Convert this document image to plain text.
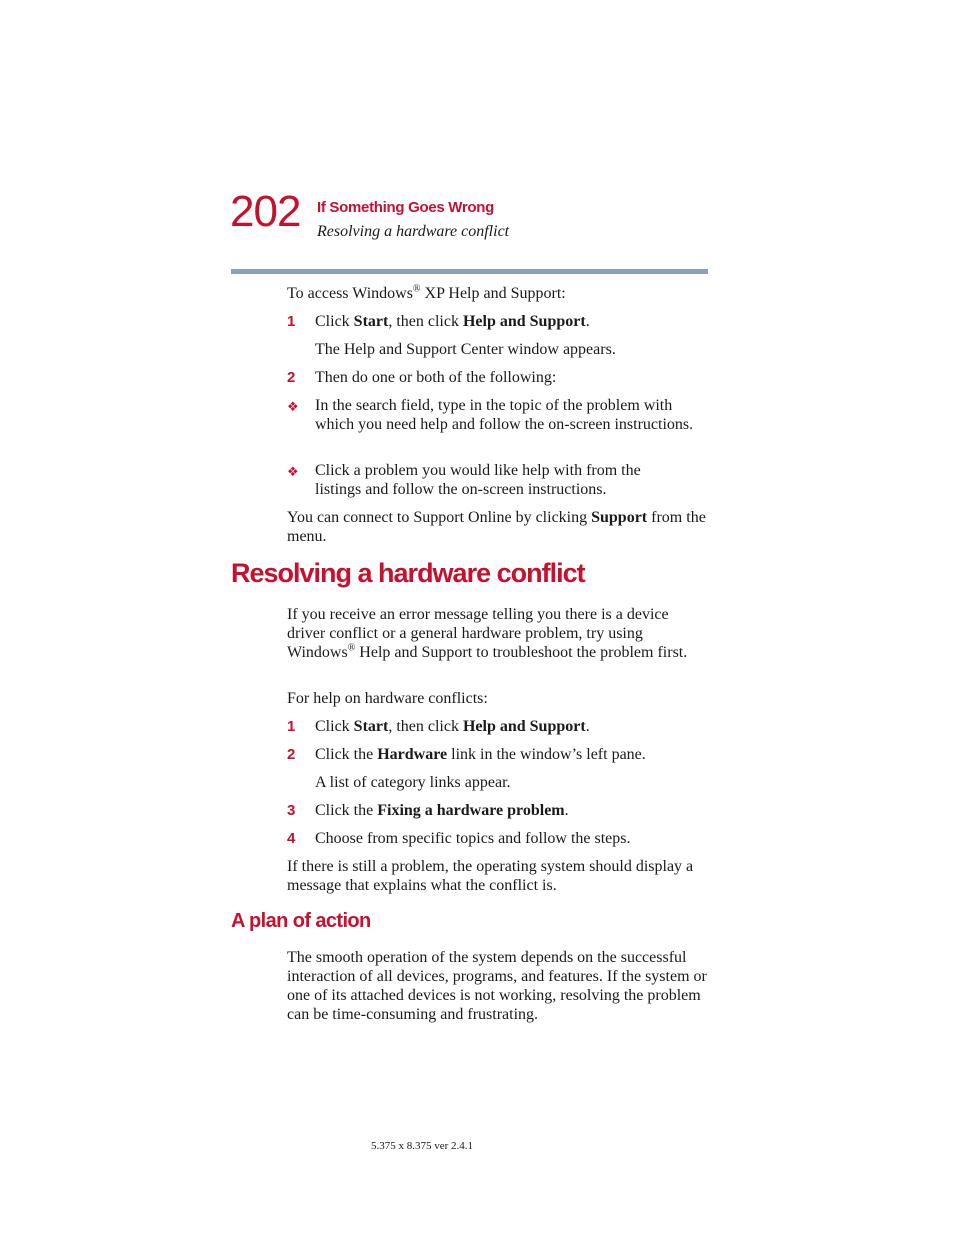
202 If Something Goes Wrong
Resolving a hardware conflict
To access Windows® XP Help and Support:
1 Click Start, then click Help and Support.
The Help and Support Center window appears.
2 Then do one or both of the following:
❖ In the search field, type in the topic of the problem with which you need help and follow the on-screen instructions.
❖ Click a problem you would like help with from the listings and follow the on-screen instructions.
You can connect to Support Online by clicking Support from the menu.
Resolving a hardware conflict
If you receive an error message telling you there is a device driver conflict or a general hardware problem, try using Windows® Help and Support to troubleshoot the problem first.
For help on hardware conflicts:
1 Click Start, then click Help and Support.
2 Click the Hardware link in the window’s left pane.
A list of category links appear.
3 Click the Fixing a hardware problem.
4 Choose from specific topics and follow the steps.
If there is still a problem, the operating system should display a message that explains what the conflict is.
A plan of action
The smooth operation of the system depends on the successful interaction of all devices, programs, and features. If the system or one of its attached devices is not working, resolving the problem can be time-consuming and frustrating.
5.375 x 8.375 ver 2.4.1
